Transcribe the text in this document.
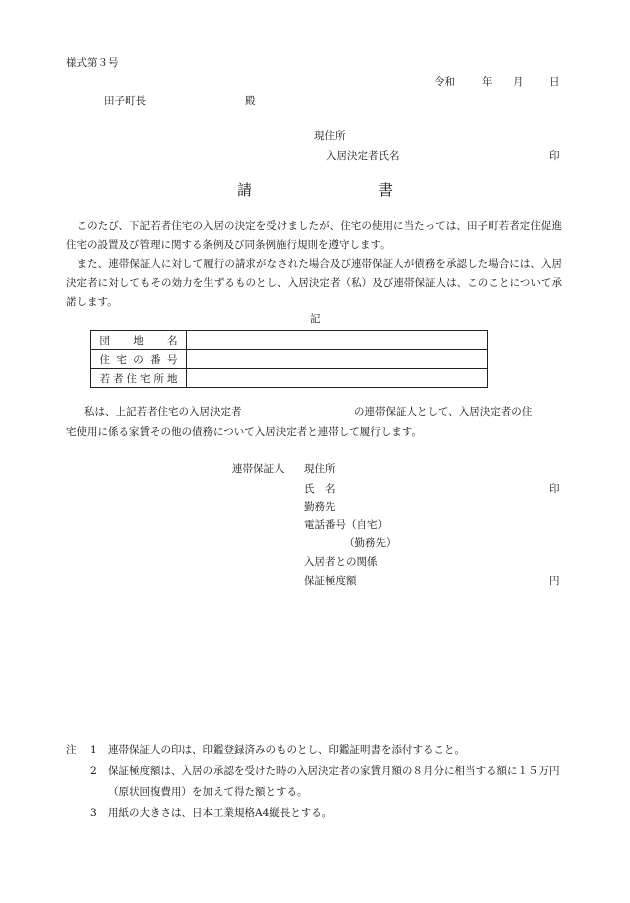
様式第３号
令和	年 月 日
田子町長	殿
現住所
入居決定者氏名	印
請	書

　このたび、下記若者住宅の入居の決定を受けましたが、住宅の使用に当たっては、田子町若者定住促進住宅の設置及び管理に関する条例及び同条例施行規則を遵守します。

　また、連帯保証人に対して履行の請求がなされた場合及び連帯保証人が債務を承認した場合には、入居決定者に対してもその効力を生ずるものとし、入居決定者（私）及び連帯保証人は、このことについて承諾します。

記
団　地　名	
住 宅 の 番 号	
若者住宅所地	
私は、上記若者住宅の入居決定者	の連帯保証人として、入居決定者の住
宅使用に係る家賃その他の債務について入居決定者と連帯して履行します。
連帯保証人 現住所
氏　名	印
勤務先
電話番号（自宅）
（勤務先）
入居者との関係
保証極度額	円
注 1 連帯保証人の印は、印鑑登録済みのものとし、印鑑証明書を添付すること。
2 保証極度額は、入居の承認を受けた時の入居決定者の家賃月額の８月分に相当する額に１５万円（原状回復費用）を加えて得た額とする。
3 用紙の大きさは、日本工業規格A4縦長とする。
